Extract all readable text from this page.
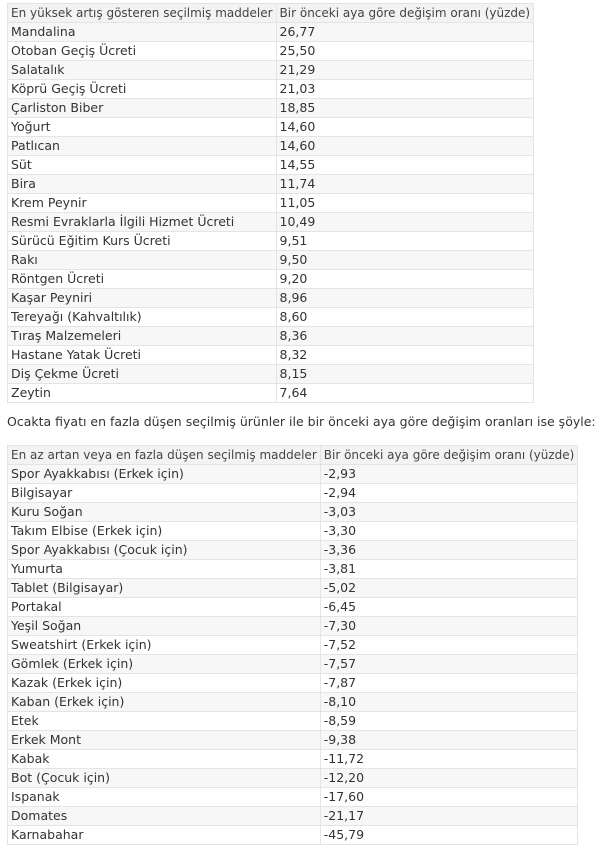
En yüksek artış gösteren seçilmiş maddeler	Bir önceki aya göre değişim oranı (yüzde)
Mandalina	26,77
Otoban Geçiş Ücreti	25,50
Salatalık	21,29
Köprü Geçiş Ücreti	21,03
Çarliston Biber	18,85
Yoğurt	14,60
Patlıcan	14,60
Süt	14,55
Bira	11,74
Krem Peynir	11,05
Resmi Evraklarla İlgili Hizmet Ücreti	10,49
Sürücü Eğitim Kurs Ücreti	9,51
Rakı	9,50
Röntgen Ücreti	9,20
Kaşar Peyniri	8,96
Tereyağı (Kahvaltılık)	8,60
Tıraş Malzemeleri	8,36
Hastane Yatak Ücreti	8,32
Diş Çekme Ücreti	8,15
Zeytin	7,64
Ocakta fiyatı en fazla düşen seçilmiş ürünler ile bir önceki aya göre değişim oranları ise şöyle:
En az artan veya en fazla düşen seçilmiş maddeler	Bir önceki aya göre değişim oranı (yüzde)
Spor Ayakkabısı (Erkek için)	-2,93
Bilgisayar	-2,94
Kuru Soğan	-3,03
Takım Elbise (Erkek için)	-3,30
Spor Ayakkabısı (Çocuk için)	-3,36
Yumurta	-3,81
Tablet (Bilgisayar)	-5,02
Portakal	-6,45
Yeşil Soğan	-7,30
Sweatshirt (Erkek için)	-7,52
Gömlek (Erkek için)	-7,57
Kazak (Erkek için)	-7,87
Kaban (Erkek için)	-8,10
Etek	-8,59
Erkek Mont	-9,38
Kabak	-11,72
Bot (Çocuk için)	-12,20
Ispanak	-17,60
Domates	-21,17
Karnabahar	-45,79
